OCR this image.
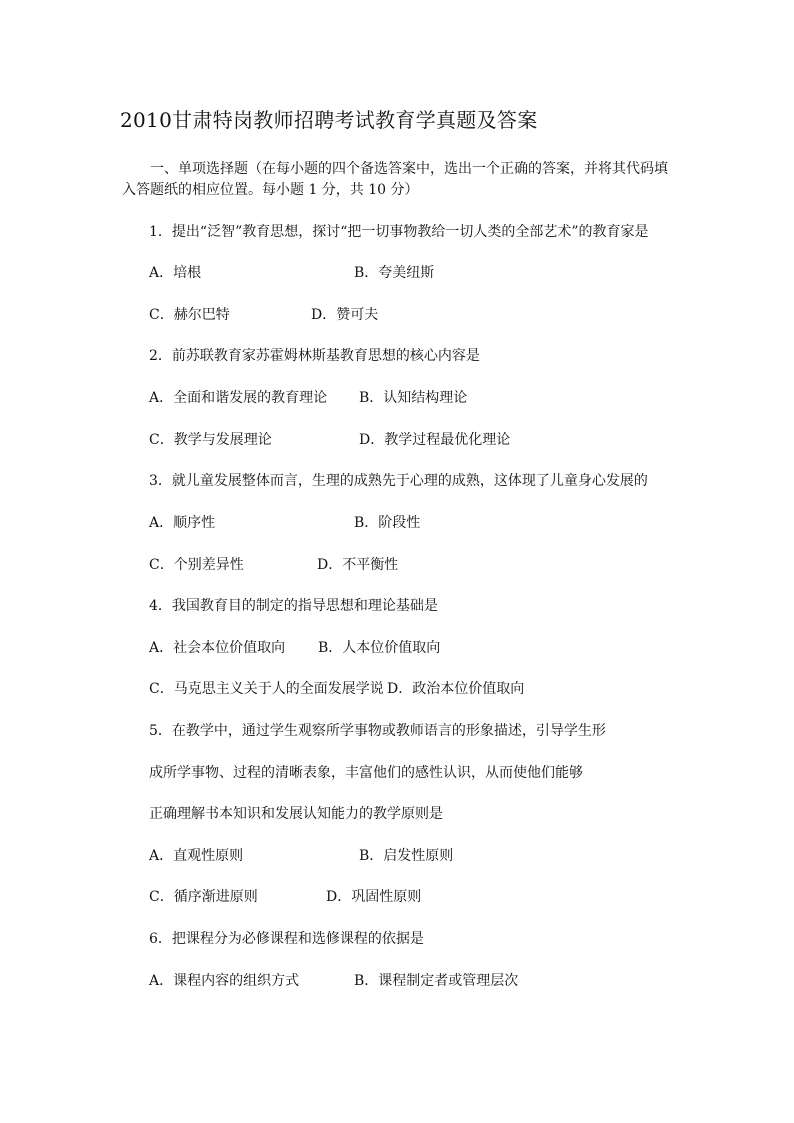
2010甘肃特岗教师招聘考试教育学真题及答案
一、单项选择题（在每小题的四个备选答案中，选出一个正确的答案，并将其代码填
入答题纸的相应位置。每小题 1 分，共 10 分）
1．提出“泛智”教育思想，探讨“把一切事物教给一切人类的全部艺术”的教育家是
A．培根	B．夸美纽斯
C．赫尔巴特	D．赞可夫
2．前苏联教育家苏霍姆林斯基教育思想的核心内容是
A．全面和谐发展的教育理论 B．认知结构理论
C．教学与发展理论	D．教学过程最优化理论
3．就儿童发展整体而言，生理的成熟先于心理的成熟，这体现了儿童身心发展的
A．顺序性	B．阶段性
C．个别差异性	D．不平衡性
4．我国教育目的制定的指导思想和理论基础是
A．社会本位价值取向 B．人本位价值取向
C．马克思主义关于人的全面发展学说 D．政治本位价值取向
5．在教学中，通过学生观察所学事物或教师语言的形象描述，引导学生形
成所学事物、过程的清晰表象，丰富他们的感性认识，从而使他们能够
正确理解书本知识和发展认知能力的教学原则是
A．直观性原则	B．启发性原则
C．循序渐进原则	D．巩固性原则
6．把课程分为必修课程和选修课程的依据是
A．课程内容的组织方式	B．课程制定者或管理层次
